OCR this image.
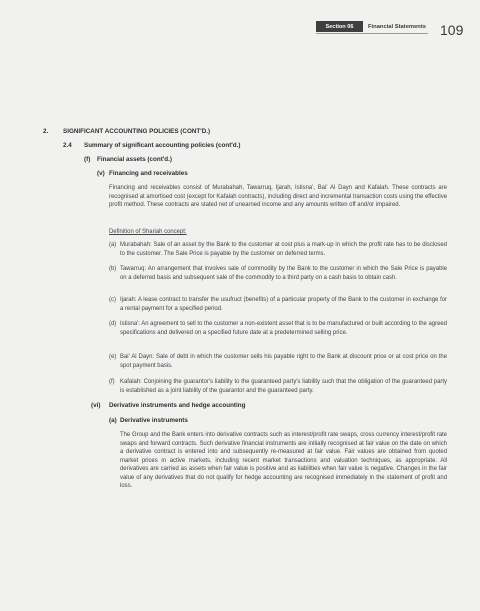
Section 06	Financial Statements 109
2. SIGNIFICANT ACCOUNTING POLICIES (CONT'D.)
2.4 Summary of significant accounting policies (cont'd.)
(f) Financial assets (cont'd.)
(v) Financing and receivables
Financing and receivables consist of Murabahah, Tawarruq, Ijarah, Istisna', Bai' Al Dayn and Kafalah. These contracts are recognised at amortised cost (except for Kafalah contracts), including direct and incremental transaction costs using the effective profit method. These contracts are stated net of unearned income and any amounts written off and/or impaired.
Definition of Shariah concept:
(a) Murabahah: Sale of an asset by the Bank to the customer at cost plus a mark-up in which the profit rate has to be disclosed to the customer. The Sale Price is payable by the customer on deferred terms.
(b) Tawarruq: An arrangement that involves sale of commodity by the Bank to the customer in which the Sale Price is payable on a deferred basis and subsequent sale of the commodity to a third party on a cash basis to obtain cash.
(c) Ijarah: A lease contract to transfer the usufruct (benefits) of a particular property of the Bank to the customer in exchange for a rental payment for a specified period.
(d) Istisna': An agreement to sell to the customer a non-existent asset that is to be manufactured or built according to the agreed specifications and delivered on a specified future date at a predetermined selling price.
(e) Bai' Al Dayn: Sale of debt in which the customer sells his payable right to the Bank at discount price or at cost price on the spot payment basis.
(f) Kafalah: Conjoining the guarantor's liability to the guaranteed party's liability such that the obligation of the guaranteed party is established as a joint liability of the guarantor and the guaranteed party.
(vi) Derivative instruments and hedge accounting
(a) Derivative instruments
The Group and the Bank enters into derivative contracts such as interest/profit rate swaps, cross currency interest/profit rate swaps and forward contracts. Such derivative financial instruments are initially recognised at fair value on the date on which a derivative contract is entered into and subsequently re-measured at fair value. Fair values are obtained from quoted market prices in active markets, including recent market transactions and valuation techniques, as appropriate. All derivatives are carried as assets when fair value is positive and as liabilities when fair value is negative. Changes in the fair value of any derivatives that do not qualify for hedge accounting are recognised immediately in the statement of profit and loss.
